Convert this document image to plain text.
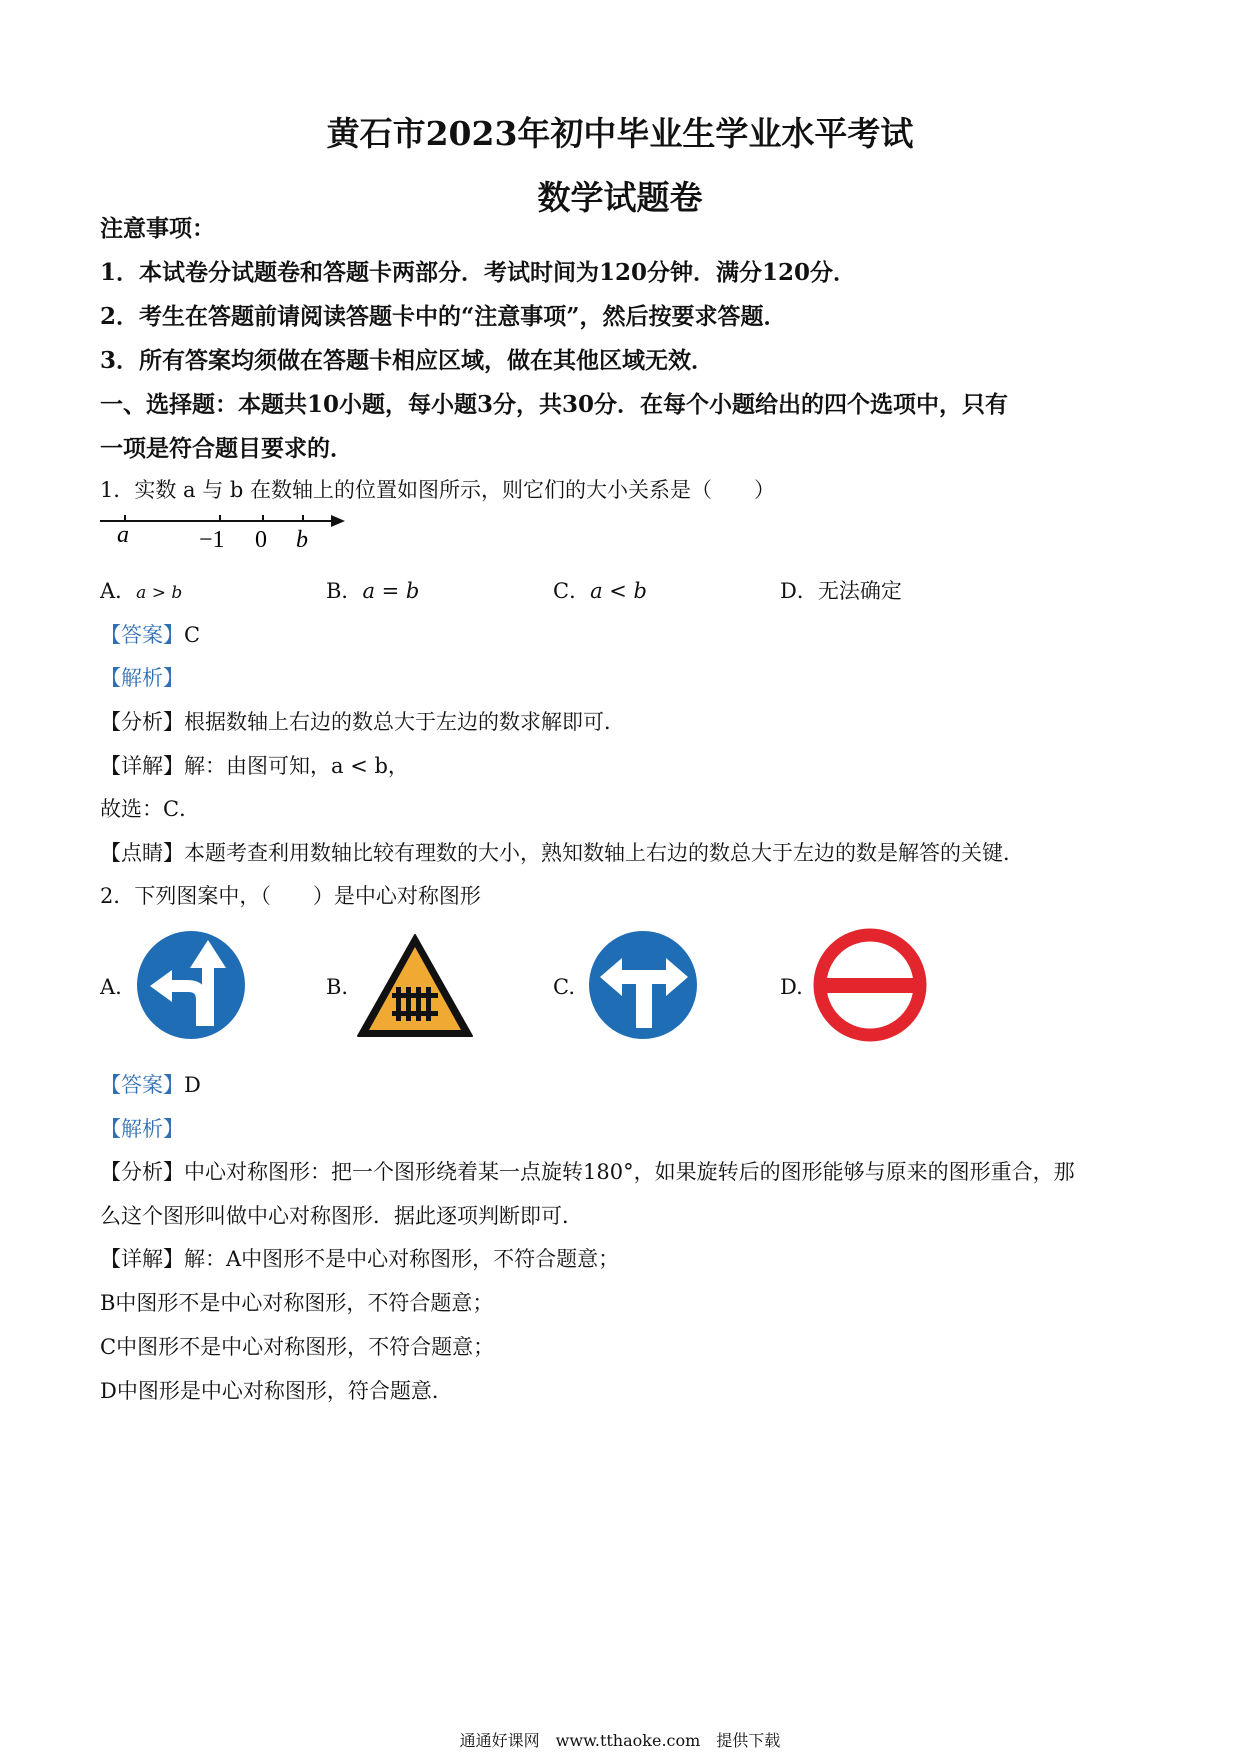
黄石市2023年初中毕业生学业水平考试
数学试题卷
注意事项：
1．本试卷分试题卷和答题卡两部分．考试时间为120分钟．满分120分．
2．考生在答题前请阅读答题卡中的“注意事项”，然后按要求答题．
3．所有答案均须做在答题卡相应区域，做在其他区域无效．
一、选择题：本题共10小题，每小题3分，共30分．在每个小题给出的四个选项中，只有
一项是符合题目要求的．
1．实数 a 与 b 在数轴上的位置如图所示，则它们的大小关系是（　　）
a	−1 0 b
A．a > b	B．a = b	C．a < b	D．无法确定
【答案】C
【解析】
【分析】根据数轴上右边的数总大于左边的数求解即可．
【详解】解：由图可知，a < b，
故选：C．
【点睛】本题考查利用数轴比较有理数的大小，熟知数轴上右边的数总大于左边的数是解答的关键．
2．下列图案中，（　　）是中心对称图形
A.	B.	C.	D.
【答案】D
【解析】
【分析】中心对称图形：把一个图形绕着某一点旋转180°，如果旋转后的图形能够与原来的图形重合，那
么这个图形叫做中心对称图形．据此逐项判断即可．
【详解】解：A中图形不是中心对称图形，不符合题意；
B中图形不是中心对称图形，不符合题意；
C中图形不是中心对称图形，不符合题意；
D中图形是中心对称图形，符合题意．
通通好课网　www.tthaoke.com　提供下载
